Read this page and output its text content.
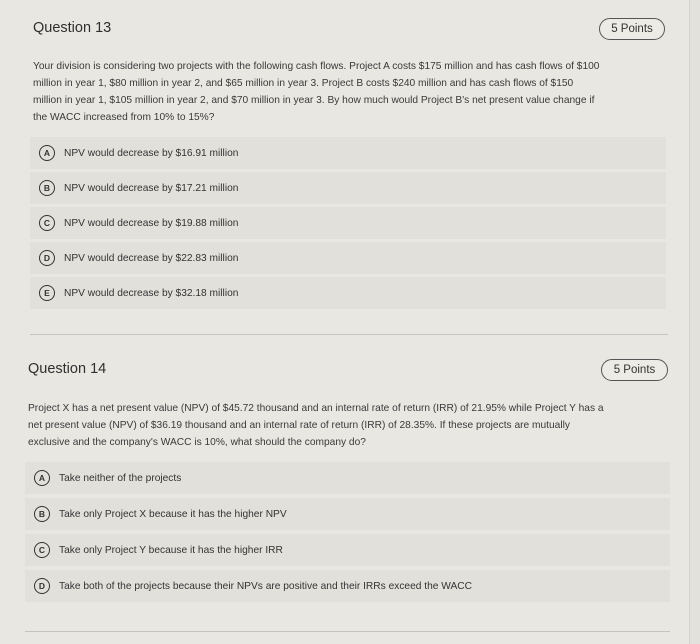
Question 13	5 Points
Your division is considering two projects with the following cash flows. Project A costs $175 million and has cash flows of $100
million in year 1, $80 million in year 2, and $65 million in year 3. Project B costs $240 million and has cash flows of $150
million in year 1, $105 million in year 2, and $70 million in year 3. By how much would Project B's net present value change if
the WACC increased from 10% to 15%?
A	NPV would decrease by $16.91 million
B	NPV would decrease by $17.21 million
C	NPV would decrease by $19.88 million
D	NPV would decrease by $22.83 million
E	NPV would decrease by $32.18 million
Question 14	5 Points
Project X has a net present value (NPV) of $45.72 thousand and an internal rate of return (IRR) of 21.95% while Project Y has a
net present value (NPV) of $36.19 thousand and an internal rate of return (IRR) of 28.35%. If these projects are mutually
exclusive and the company's WACC is 10%, what should the company do?
A	Take neither of the projects
B	Take only Project X because it has the higher NPV
C	Take only Project Y because it has the higher IRR
D	Take both of the projects because their NPVs are positive and their IRRs exceed the WACC
